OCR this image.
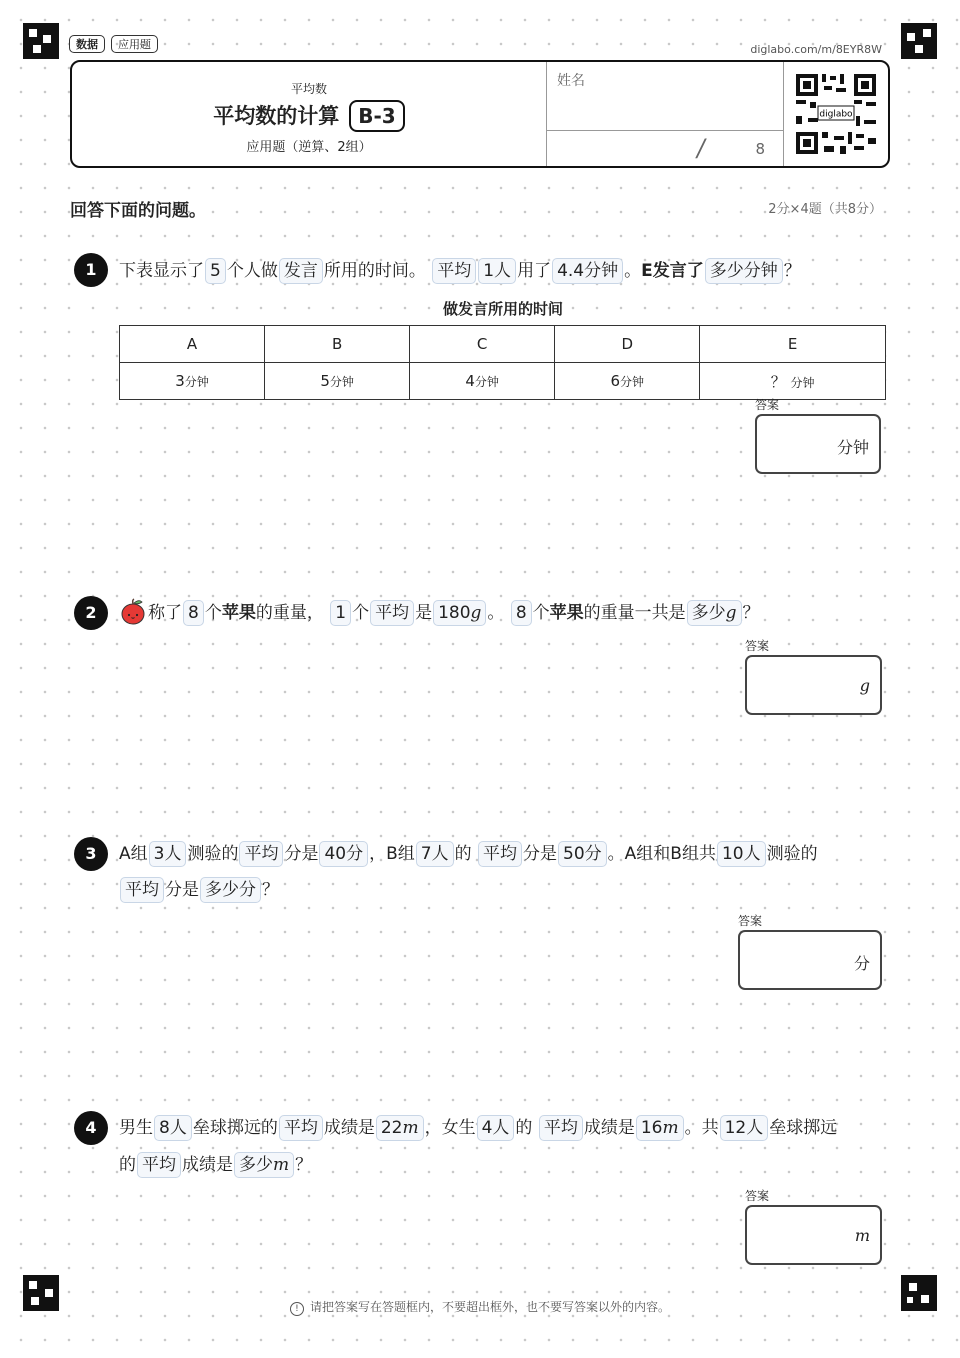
数据	应用题	diglabo.com/m/8EYR8W
平均数
平均数的计算 B-3
应用题（逆算、2组）
姓名
/	8
diglabo
回答下面的问题。	2分×4题（共8分）
1	下表显示了 5 个人做 发言 所用的时间。 平均 1人 用了 4.4分钟 。E发言了 多少分钟 ？
做发言所用的时间
A	B	C	D	E
3分钟	5分钟	4分钟	6分钟	？ 分钟
答案
分钟
2	称了 8 个苹果的重量， 1 个 平均 是 180g 。 8 个苹果的重量一共是 多少g ？
答案
g
3	A组 3人 测验的 平均 分是 40分 ，B组 7人 的 平均 分是 50分 。A组和B组共 10人 测验的
平均 分是 多少分 ？
答案
分
4	男生 8人 垒球掷远的 平均 成绩是 22m ，女生 4人 的 平均 成绩是 16m 。共 12人 垒球掷远
的 平均 成绩是 多少m ？
答案
m
! 请把答案写在答题框内，不要超出框外，也不要写答案以外的内容。
